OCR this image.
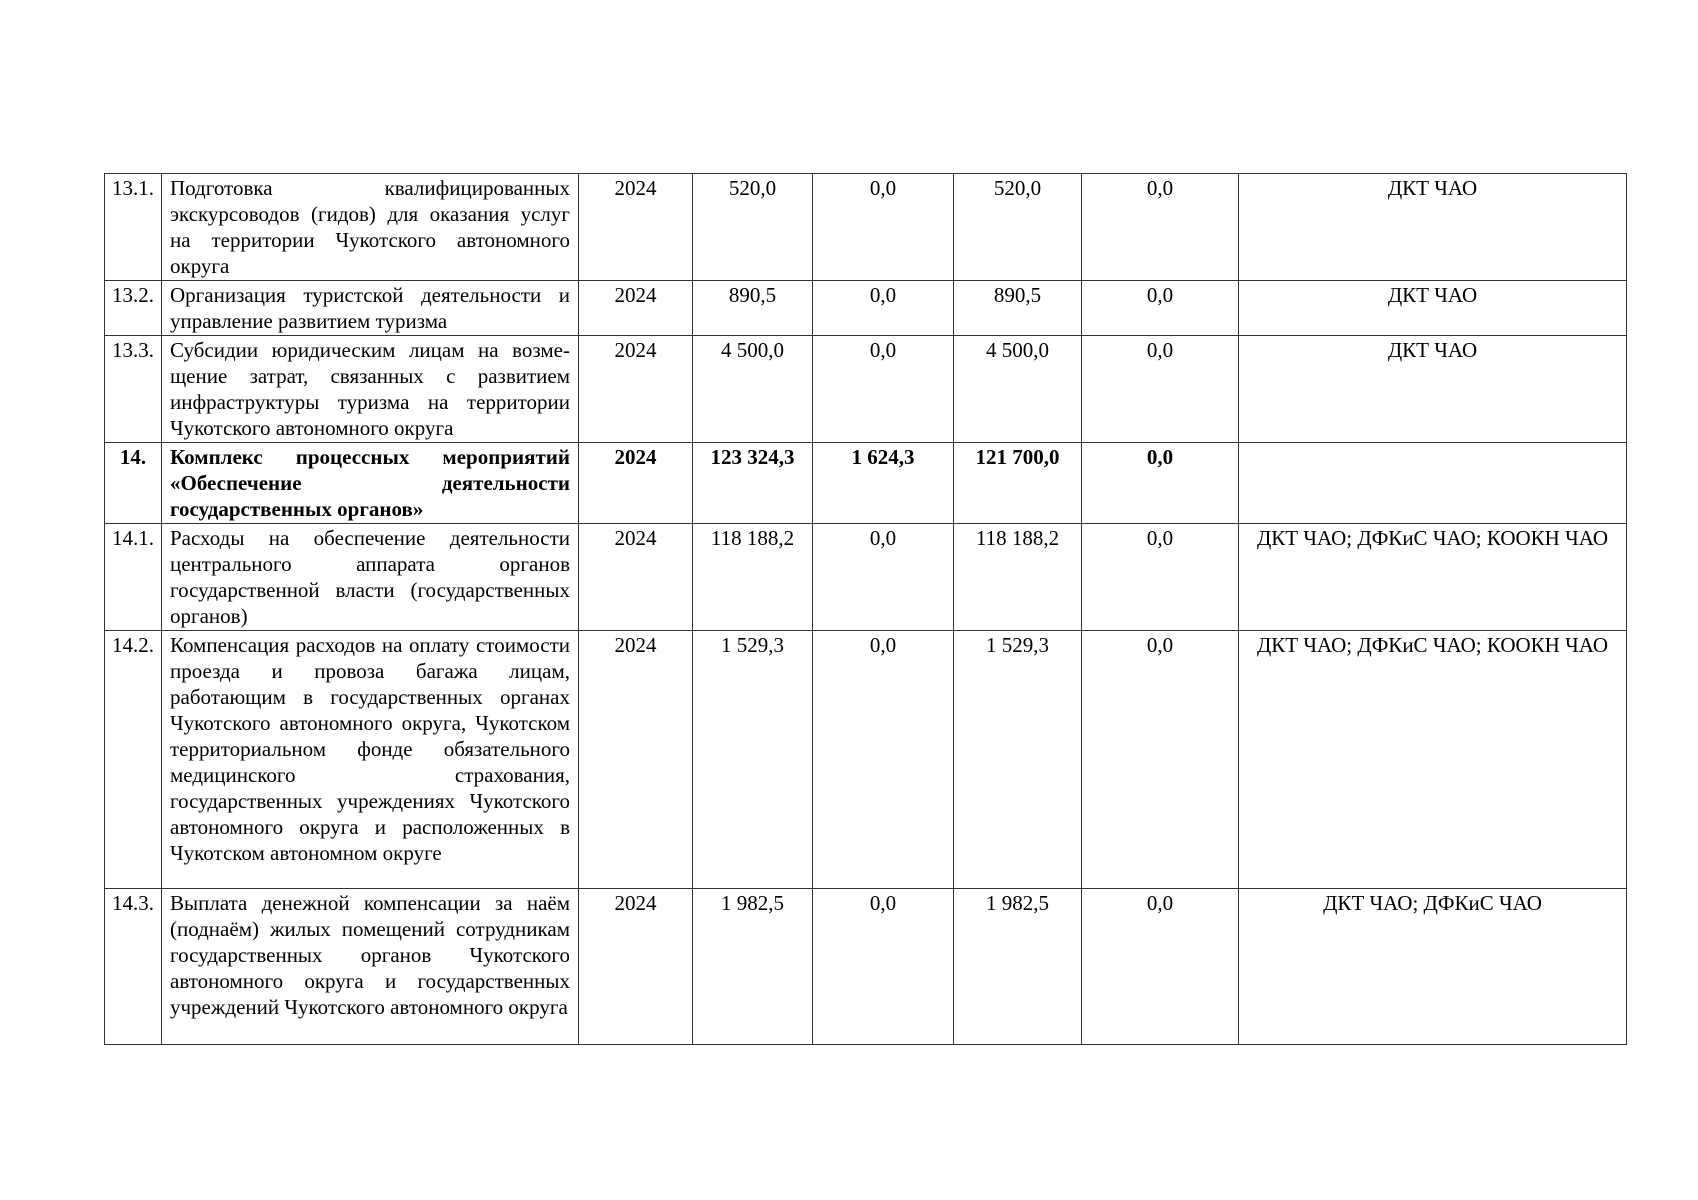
13.1.	Подготовка квалифицированных экскурсоводов (гидов) для оказания услуг на территории Чукотского автономного округа	2024	520,0	0,0	520,0	0,0	ДКТ ЧАО
13.2.	Организация туристской деятельности и управление развитием туризма	2024	890,5	0,0	890,5	0,0	ДКТ ЧАО
13.3.	Субсидии юридическим лицам на возмещение затрат, связанных с развитием инфраструктуры туризма на территории Чукотского автономного округа	2024	4 500,0	0,0	4 500,0	0,0	ДКТ ЧАО
14.	Комплекс процессных мероприятий «Обеспечение деятельности государственных органов»	2024	123 324,3	1 624,3	121 700,0	0,0	
14.1.	Расходы на обеспечение деятельности центрального аппарата органов государственной власти (государственных органов)	2024	118 188,2	0,0	118 188,2	0,0	ДКТ ЧАО; ДФКиС ЧАО; КООКН ЧАО
14.2.	Компенсация расходов на оплату стоимости проезда и провоза багажа лицам, работающим в государственных органах Чукотского автономного округа, Чукотском территориальном фонде обязательного медицинского страхования, государственных учреждениях Чукотского автономного округа и расположенных в Чукотском автономном округе	2024	1 529,3	0,0	1 529,3	0,0	ДКТ ЧАО; ДФКиС ЧАО; КООКН ЧАО
14.3.	Выплата денежной компенсации за наём (поднаём) жилых помещений сотрудникам государственных органов Чукотского автономного округа и государственных учреждений Чукотского автономного округа	2024	1 982,5	0,0	1 982,5	0,0	ДКТ ЧАО; ДФКиС ЧАО
